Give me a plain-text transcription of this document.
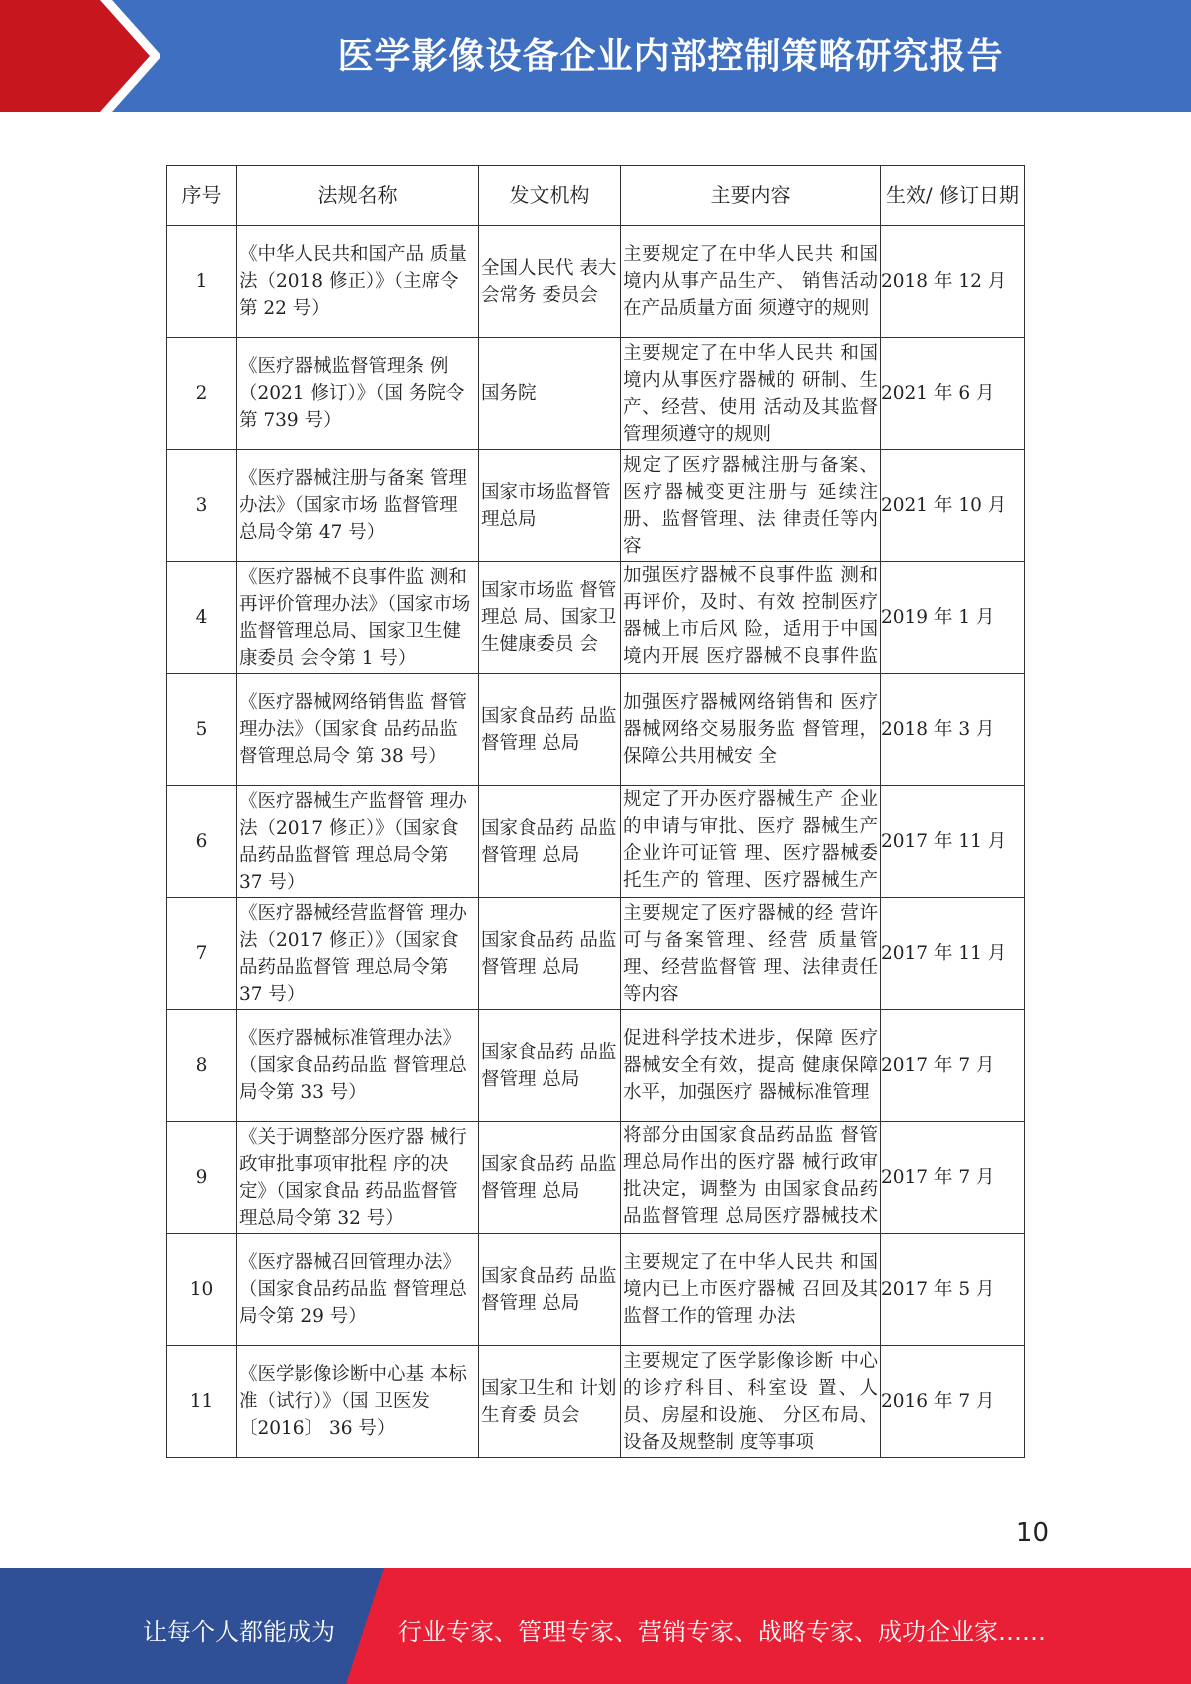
医学影像设备企业内部控制策略研究报告
序号	法规名称	发文机构	主要内容	生效/ 修订日期
1	《中华人民共和国产品 质量法（2018 修正）》（主席令第 22 号）	全国人民代 表大会常务 委员会	主要规定了在中华人民共 和国境内从事产品生产、 销售活动在产品质量方面 须遵守的规则	2018 年 12 月
2	《医疗器械监督管理条 例（2021 修订）》（国 务院令第 739 号）	国务院	主要规定了在中华人民共 和国境内从事医疗器械的 研制、生产、经营、使用 活动及其监督管理须遵守的规则	2021 年 6 月
3	《医疗器械注册与备案 管理办法》（国家市场 监督管理总局令第 47 号）	国家市场监督管理总局	规定了医疗器械注册与备案、医疗器械变更注册与 延续注册、监督管理、法 律责任等内容	2021 年 10 月
4	《医疗器械不良事件监 测和再评价管理办法》（国家市场监督管理总局、国家卫生健康委员 会令第 1 号）	国家市场监 督管理总 局、国家卫 生健康委员 会	加强医疗器械不良事件监 测和再评价，及时、有效 控制医疗器械上市后风 险，适用于中国境内开展 医疗器械不良事件监	2019 年 1 月
5	《医疗器械网络销售监 督管理办法》（国家食 品药品监督管理总局令 第 38 号）	国家食品药 品监督管理 总局	加强医疗器械网络销售和 医疗器械网络交易服务监 督管理，保障公共用械安 全	2018 年 3 月
6	《医疗器械生产监督管 理办法（2017 修正）》（国家食品药品监督管 理总局令第 37 号）	国家食品药 品监督管理 总局	规定了开办医疗器械生产 企业的申请与审批、医疗 器械生产企业许可证管 理、医疗器械委托生产的 管理、医疗器械生产	2017 年 11 月
7	《医疗器械经营监督管 理办法（2017 修正）》（国家食品药品监督管 理总局令第 37 号）	国家食品药 品监督管理 总局	主要规定了医疗器械的经 营许可与备案管理、经营 质量管理、经营监督管 理、法律责任等内容	2017 年 11 月
8	《医疗器械标准管理办法》（国家食品药品监 督管理总局令第 33 号）	国家食品药 品监督管理 总局	促进科学技术进步，保障 医疗器械安全有效，提高 健康保障水平，加强医疗 器械标准管理	2017 年 7 月
9	《关于调整部分医疗器 械行政审批事项审批程 序的决定》（国家食品 药品监督管理总局令第 32 号）	国家食品药 品监督管理 总局	将部分由国家食品药品监 督管理总局作出的医疗器 械行政审批决定，调整为 由国家食品药品监督管理 总局医疗器械技术	2017 年 7 月
10	《医疗器械召回管理办法》（国家食品药品监 督管理总局令第 29 号）	国家食品药 品监督管理 总局	主要规定了在中华人民共 和国境内已上市医疗器械 召回及其监督工作的管理 办法	2017 年 5 月
11	《医学影像诊断中心基 本标准（试行）》（国 卫医发〔2016〕 36 号）	国家卫生和 计划生育委 员会	主要规定了医学影像诊断 中心的诊疗科目、科室设 置、人员、房屋和设施、 分区布局、设备及规整制 度等事项	2016 年 7 月
10
让每个人都能成为	行业专家、管理专家、营销专家、战略专家、成功企业家……
